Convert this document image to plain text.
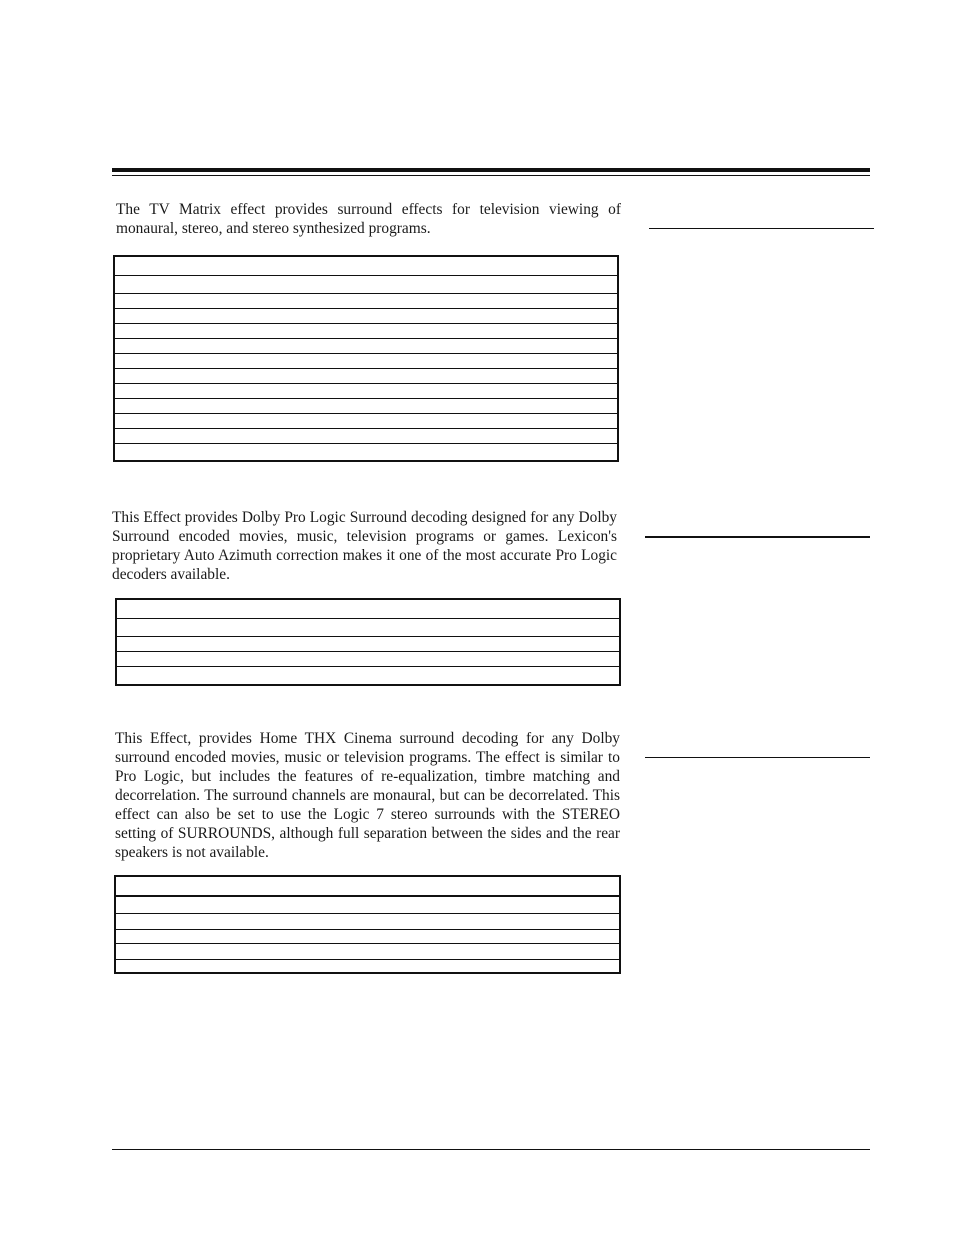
The TV Matrix effect provides surround effects for television viewing of monaural, stereo, and stereo synthesized programs.

This Effect provides Dolby Pro Logic Surround decoding designed for any Dolby Surround encoded movies, music, television programs or games. Lexicon's proprietary Auto Azimuth correction makes it one of the most accurate Pro Logic decoders available.

This Effect, provides Home THX Cinema surround decoding for any Dolby surround encoded movies, music or television programs. The effect is similar to Pro Logic, but includes the features of re-equalization, timbre matching and decorrelation. The surround channels are monaural, but can be decorrelated. This effect can also be set to use the Logic 7 stereo surrounds with the STEREO setting of SURROUNDS, although full separation between the sides and the rear speakers is not available.
